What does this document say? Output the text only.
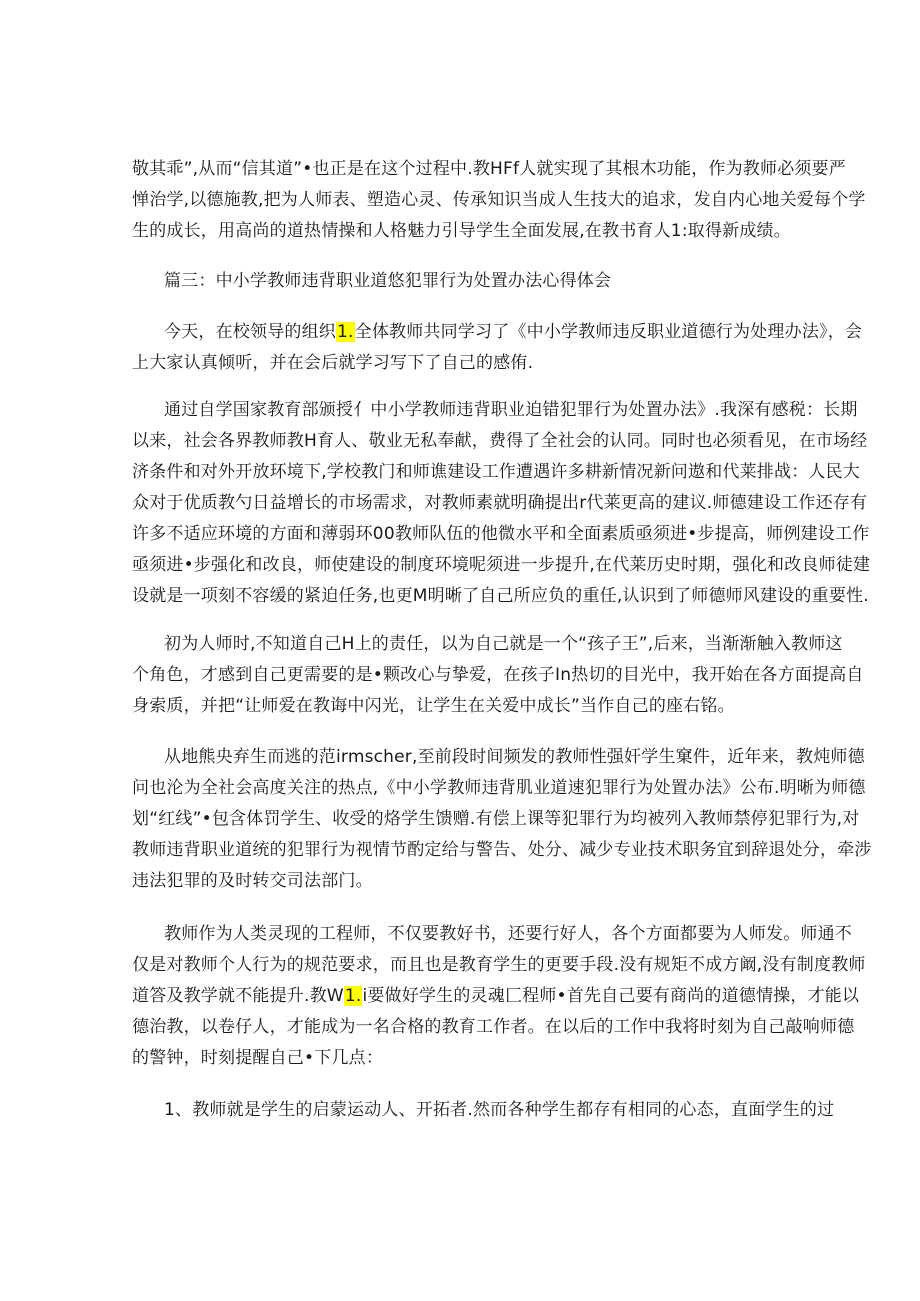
敬其乖”,从而“信其道”•也正是在这个过程中.教HFf人就实现了其根木功能，作为教师必须要严
惮治学,以德施教,把为人师表、塑造心灵、传承知识当成人生技大的追求，发自内心地关爱每个学
生的成长，用高尚的道热情操和人格魅力引导学生全面发展,在教书育人1:取得新成绩。

篇三：中小学教师违背职业道悠犯罪行为处置办法心得体会

今天，在校领导的组织1.全体教师共同学习了《中小学教师违反职业道德行为处理办法》，会
上大家认真倾听，并在会后就学习写下了自己的感侑.

通过自学国家教育部颁授亻中小学教师违背职业迫错犯罪行为处置办法》.我深有感税：长期
以来，社会各界教师教H育人、敬业无私奉献，费得了全社会的认同。同时也必须看见，在市场经
济条件和对外开放环境下,学校教门和师谯建设工作遭遇许多耕新情况新问遨和代莱排战：人民大
众对于优质教勺日益增长的市场需求，对教师素就明确提出r代莱更高的建议.师德建设工作还存有
许多不适应环境的方面和薄弱环00教师队伍的他微水平和全面素质亟须进•步提高，师例建设工作
亟须进•步强化和改良，师使建设的制度环境呢须进一步提升,在代莱历史时期，强化和改良师徒建
设就是一项刻不容缓的紧迫任务,也更M明晰了自己所应负的重任,认识到了师德师风建设的重要性.

初为人师时,不知道自己H上的责任，以为自己就是一个“孩子王”,后来，当渐渐触入教师这
个角色，才感到自己更需要的是•颗改心与挚爱，在孩子In热切的目光中，我开始在各方面提高自
身索质，并把“让师爱在教诲中闪光，让学生在关爱中成长”当作自己的座右铭。

从地熊央弃生而逃的范irmscher,至前段时间频发的教师性强奸学生窠件，近年来，教炖师德
问也沦为全社会高度关注的热点,《中小学教师违背肌业道速犯罪行为处置办法》公布.明晰为师德
划“红线”•包含体罚学生、收受的烙学生馈赠.有偿上课等犯罪行为均被列入教师禁停犯罪行为,对
教师违背职业道统的犯罪行为视情节酌定给与警告、处分、减少专业技术职务宜到辞退处分，牵涉
违法犯罪的及时转交司法部门。

教师作为人类灵现的工程师，不仅要教好书，还要行好人，各个方面都要为人师发。师通不
仅是对教师个人行为的规范要求，而且也是教育学生的更要手段.没有规矩不成方阚,没有制度教师
道答及教学就不能提升.教W1.i要做好学生的灵魂匚程师•首先自己要有商尚的道德情操，才能以
德治教，以卷仔人，才能成为一名合格的教育工作者。在以后的工作中我将时刻为自己敲响师德
的警钟，时刻提醒自己•下几点：

1、教师就是学生的启蒙运动人、开拓者.然而各种学生都存有相同的心态，直面学生的过
